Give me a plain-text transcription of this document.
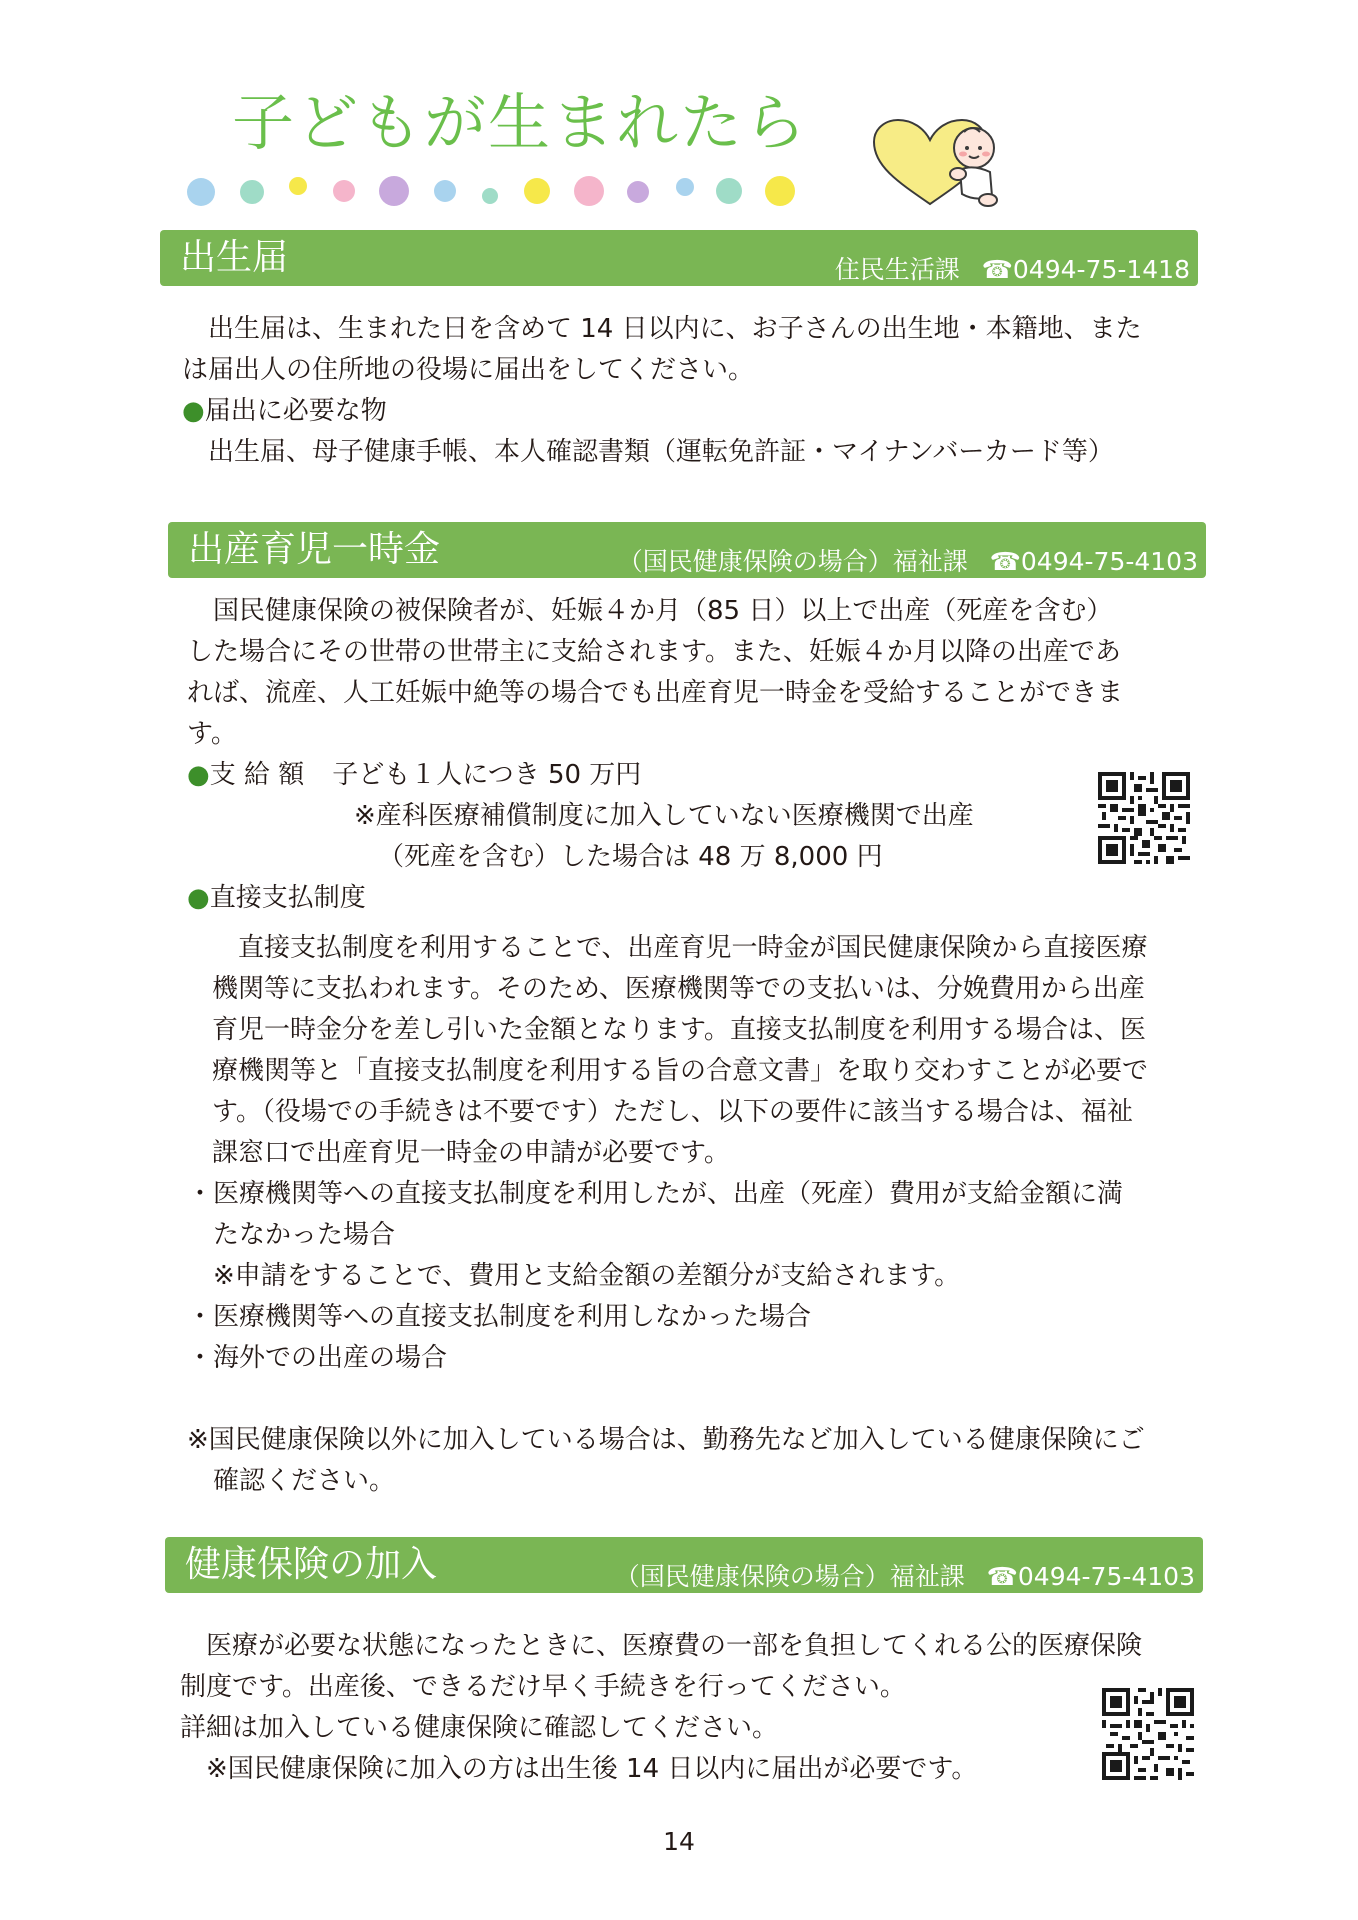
子どもが生まれたら
出生届	住民生活課 ☎0494-75-1418
　出生届は、生まれた日を含めて 14 日以内に、お子さんの出生地・本籍地、また
は届出人の住所地の役場に届出をしてください。
●届出に必要な物
　出生届、母子健康手帳、本人確認書類（運転免許証・マイナンバーカード等）
出産育児一時金	（国民健康保険の場合）福祉課 ☎0494-75-4103
　国民健康保険の被保険者が、妊娠４か月（85 日）以上で出産（死産を含む）
した場合にその世帯の世帯主に支給されます。また、妊娠４か月以降の出産であ
れば、流産、人工妊娠中絶等の場合でも出産育児一時金を受給することができま
す。
●支 給 額 子ども１人につき 50 万円
※産科医療補償制度に加入していない医療機関で出産
（死産を含む）した場合は 48 万 8,000 円
●直接支払制度
　直接支払制度を利用することで、出産育児一時金が国民健康保険から直接医療
機関等に支払われます。そのため、医療機関等での支払いは、分娩費用から出産
育児一時金分を差し引いた金額となります。直接支払制度を利用する場合は、医
療機関等と「直接支払制度を利用する旨の合意文書」を取り交わすことが必要で
す。（役場での手続きは不要です）ただし、以下の要件に該当する場合は、福祉
課窓口で出産育児一時金の申請が必要です。
・医療機関等への直接支払制度を利用したが、出産（死産）費用が支給金額に満
　たなかった場合
　※申請をすることで、費用と支給金額の差額分が支給されます。
・医療機関等への直接支払制度を利用しなかった場合
・海外での出産の場合
※国民健康保険以外に加入している場合は、勤務先など加入している健康保険にご
　確認ください。
健康保険の加入	（国民健康保険の場合）福祉課 ☎0494-75-4103
　医療が必要な状態になったときに、医療費の一部を負担してくれる公的医療保険
制度です。出産後、できるだけ早く手続きを行ってください。
詳細は加入している健康保険に確認してください。
　※国民健康保険に加入の方は出生後 14 日以内に届出が必要です。
14
